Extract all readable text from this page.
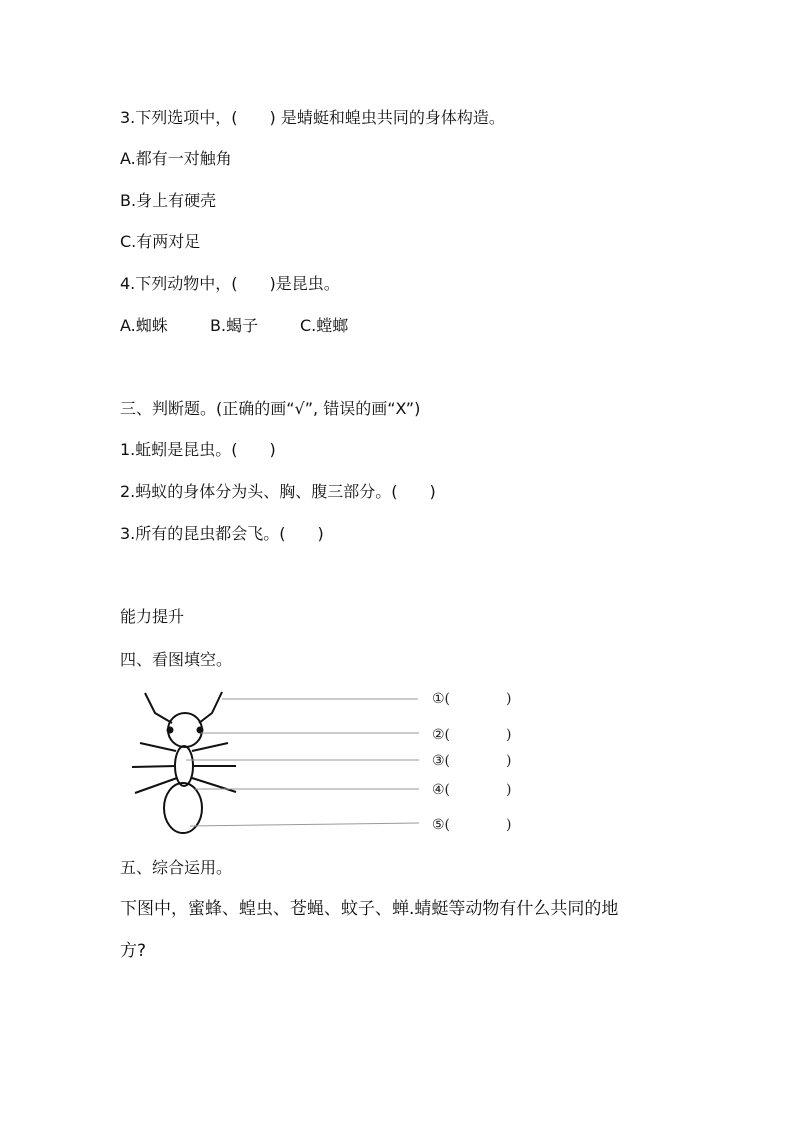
3.下列选项中，(　　) 是蜻蜓和蝗虫共同的身体构造。
A.都有一对触角
B.身上有硬壳
C.有两对足
4.下列动物中，(　　)是昆虫。
A.蜘蛛	B.蝎子	C.螳螂
三、判断题。(正确的画“√”, 错误的画“X”)
1.蚯蚓是昆虫。(　　)
2.蚂蚁的身体分为头、胸、腹三部分。(　　)
3.所有的昆虫都会飞。(　　)
能力提升
四、看图填空。
①(　　　　)
②(　　　　)
③(　　　　)
④(　　　　)
⑤(　　　　)
五、综合运用。
下图中，蜜蜂、蝗虫、苍蝇、蚊子、蝉.蜻蜓等动物有什么共同的地
方?
